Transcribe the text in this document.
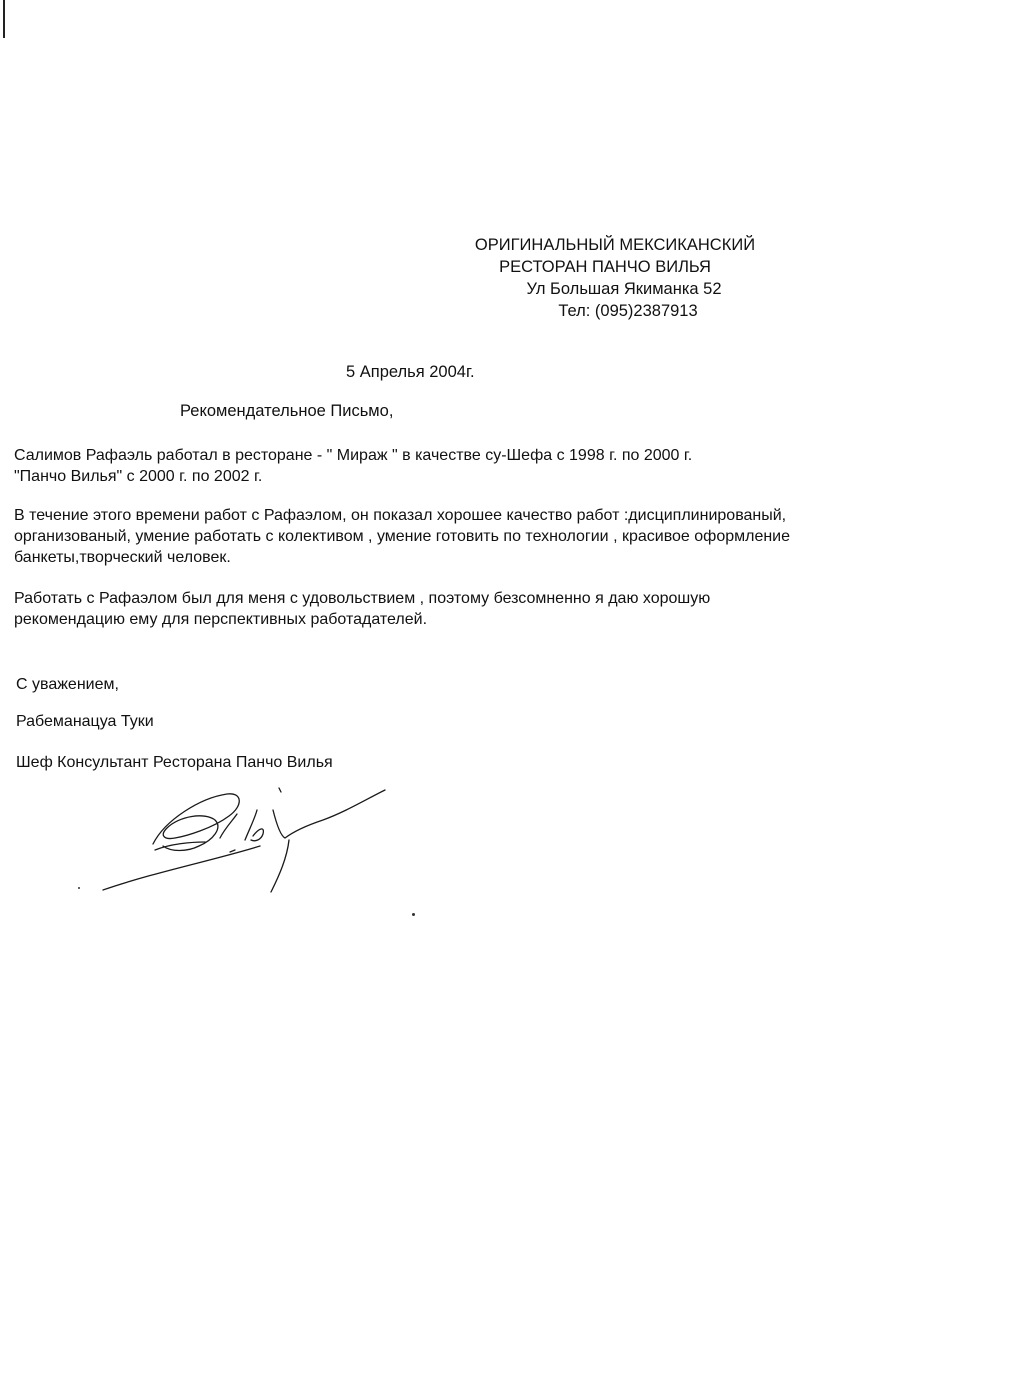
ОРИГИНАЛЬНЫЙ МЕКСИКАНСКИЙ
РЕСТОРАН ПАНЧО ВИЛЬЯ
Ул Большая Якиманка 52
Тел: (095)2387913
5 Апрелья 2004г.
Рекомендательное Письмо,
Салимов Рафаэль работал в ресторане - " Мираж " в качестве су-Шефа с 1998 г. по 2000 г.
"Панчо Вилья" с 2000 г. по 2002 г.
В течение этого времени работ с Рафаэлом, он показал хорошее качество работ :дисциплинированый,
организованый, умение работать с колективом , умение готовить по технологии , красивое оформление
банкеты,творческий человек.
Работать с Рафаэлом был для меня с удовольствием , поэтому безсомненно я даю хорошую
рекомендацию ему для перспективных работадателей.
С уважением,
Рабеманацуа Туки
Шеф Консультант Ресторана Панчо Вилья
